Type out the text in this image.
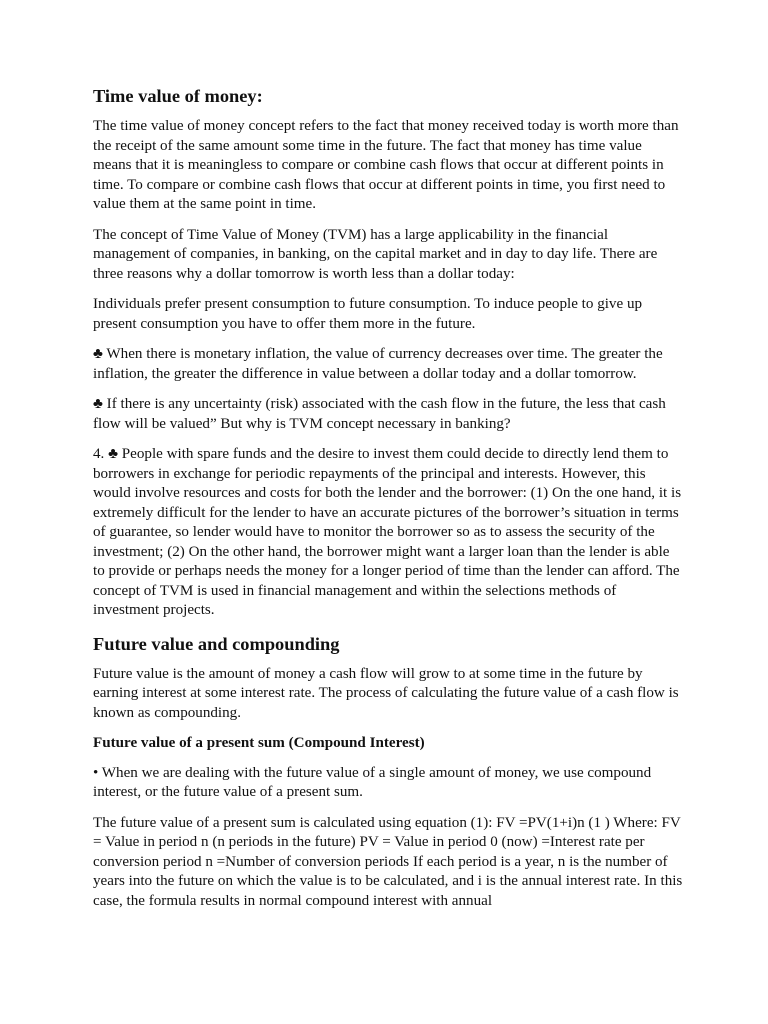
Time value of money:

The time value of money concept refers to the fact that money received today is worth more than the receipt of the same amount some time in the future. The fact that money has time value means that it is meaningless to compare or combine cash flows that occur at different points in time. To compare or combine cash flows that occur at different points in time, you first need to value them at the same point in time.

The concept of Time Value of Money (TVM) has a large applicability in the financial management of companies, in banking, on the capital market and in day to day life. There are three reasons why a dollar tomorrow is worth less than a dollar today:

Individuals prefer present consumption to future consumption. To induce people to give up present consumption you have to offer them more in the future.

♣ When there is monetary inflation, the value of currency decreases over time. The greater the inflation, the greater the difference in value between a dollar today and a dollar tomorrow.

♣ If there is any uncertainty (risk) associated with the cash flow in the future, the less that cash flow will be valued” But why is TVM concept necessary in banking?

4. ♣ People with spare funds and the desire to invest them could decide to directly lend them to borrowers in exchange for periodic repayments of the principal and interests. However, this would involve resources and costs for both the lender and the borrower: (1) On the one hand, it is extremely difficult for the lender to have an accurate pictures of the borrower’s situation in terms of guarantee, so lender would have to monitor the borrower so as to assess the security of the investment; (2) On the other hand, the borrower might want a larger loan than the lender is able to provide or perhaps needs the money for a longer period of time than the lender can afford. The concept of TVM is used in financial management and within the selections methods of investment projects.

Future value and compounding

Future value is the amount of money a cash flow will grow to at some time in the future by earning interest at some interest rate. The process of calculating the future value of a cash flow is known as compounding.

Future value of a present sum (Compound Interest)

• When we are dealing with the future value of a single amount of money, we use compound interest, or the future value of a present sum.

The future value of a present sum is calculated using equation (1): FV =PV(1+i)n (1 ) Where: FV = Value in period n (n periods in the future) PV = Value in period 0 (now) =Interest rate per conversion period n =Number of conversion periods If each period is a year, n is the number of years into the future on which the value is to be calculated, and i is the annual interest rate. In this case, the formula results in normal compound interest with annual
